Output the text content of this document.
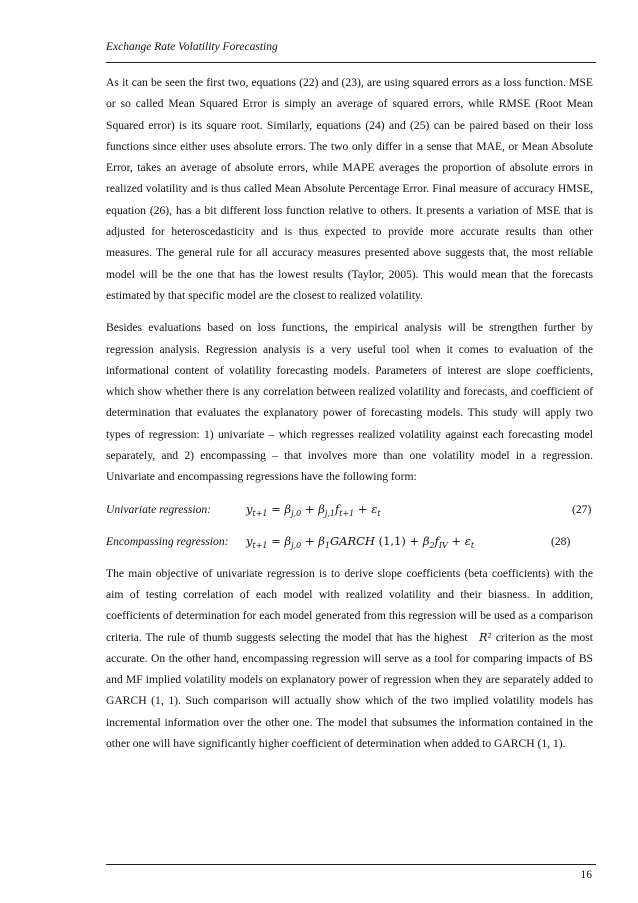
Exchange Rate Volatility Forecasting

As it can be seen the first two, equations (22) and (23), are using squared errors as a loss function. MSE or so called Mean Squared Error is simply an average of squared errors, while RMSE (Root Mean Squared error) is its square root. Similarly, equations (24) and (25) can be paired based on their loss functions since either uses absolute errors. The two only differ in a sense that MAE, or Mean Absolute Error, takes an average of absolute errors, while MAPE averages the proportion of absolute errors in realized volatility and is thus called Mean Absolute Percentage Error. Final measure of accuracy HMSE, equation (26), has a bit different loss function relative to others. It presents a variation of MSE that is adjusted for heteroscedasticity and is thus expected to provide more accurate results than other measures. The general rule for all accuracy measures presented above suggests that, the most reliable model will be the one that has the lowest results (Taylor, 2005). This would mean that the forecasts estimated by that specific model are the closest to realized volatility.

Besides evaluations based on loss functions, the empirical analysis will be strengthen further by regression analysis. Regression analysis is a very useful tool when it comes to evaluation of the informational content of volatility forecasting models. Parameters of interest are slope coefficients, which show whether there is any correlation between realized volatility and forecasts, and coefficient of determination that evaluates the explanatory power of forecasting models. This study will apply two types of regression: 1) univariate – which regresses realized volatility against each forecasting model separately, and 2) encompassing – that involves more than one volatility model in a regression. Univariate and encompassing regressions have the following form:

Univariate regression:	$y_{t+1} = \beta_{j,0} + \beta_{j,1}f_{t+1} + \varepsilon_t$	(27)
Encompassing regression: $y_{t+1} = \beta_{j,0}$ + $\beta_1GARCH$ $(1,1) + \beta_2f_{IV} + \varepsilon_t$	(28)

The main objective of univariate regression is to derive slope coefficients (beta coefficients) with the aim of testing correlation of each model with realized volatility and their biasness. In addition, coefficients of determination for each model generated from this regression will be used as a comparison criteria. The rule of thumb suggests selecting the model that has the highest R² criterion as the most accurate. On the other hand, encompassing regression will serve as a tool for comparing impacts of BS and MF implied volatility models on explanatory power of regression when they are separately added to GARCH (1, 1). Such comparison will actually show which of the two implied volatility models has incremental information over the other one. The model that subsumes the information contained in the other one will have significantly higher coefficient of determination when added to GARCH (1, 1).

16
